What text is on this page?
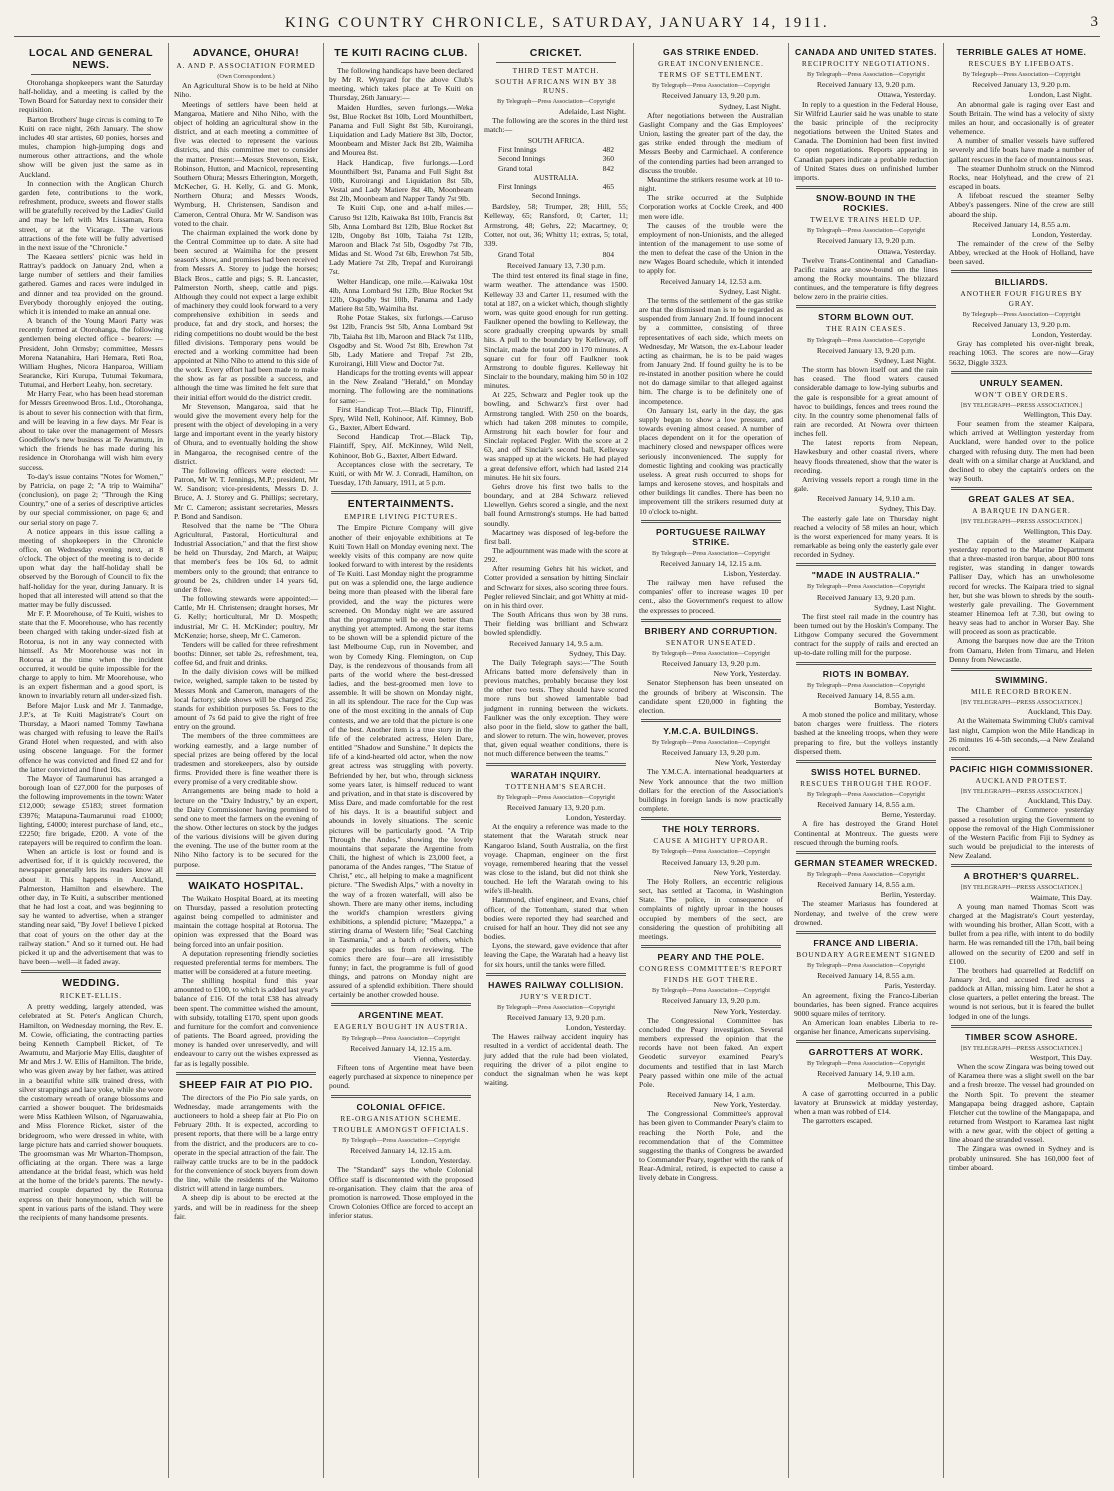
KING COUNTRY CHRONICLE, SATURDAY, JANUARY 14, 1911.	3
LOCAL AND GENERAL NEWS.

Otorohanga shopkeepers want the Saturday half-holiday, and a meeting is called by the Town Board for Saturday next to consider their requisition.

Barton Brothers' huge circus is coming to Te Kuiti on race night, 26th January. The show includes 40 star artistes, 60 ponies, horses and mules, champion high-jumping dogs and numerous other attractions, and the whole show will be given just the same as in Auckland.

In connection with the Anglican Church garden fete, contributions to the work, refreshment, produce, sweets and flower stalls will be gratefully received by the Ladies' Guild and may be left with Mrs Lissaman, Rora street, or at the Vicarage. The various attractions of the fete will be fully advertised in the next issue of the "Chronicle."

The Kaeaea settlers' picnic was held in Rattray's paddock on January 2nd, when a large number of settlers and their families gathered. Games and races were indulged in and dinner and tea provided on the ground. Everybody thoroughly enjoyed the outing, which it is intended to make an annual one.

A branch of the Young Maori Party was recently formed at Otorohanga, the following gentlemen being elected office - bearers: — President, John Ormsby; committee, Messrs Morena Natanahira, Hari Hemara, Reti Roa, William Hughes, Nicora Hanparoa, William Searancke, Kiri Kurupa, Tutumai Tekumara, Tutumai, and Herbert Leahy, hon. secretary.

Mr Harry Fear, who has been head storeman for Messrs Greenwood Bros. Ltd., Otorohanga, is about to sever his connection with that firm, and will be leaving in a few days. Mr Fear is about to take over the management of Messrs Goodfellow's new business at Te Awamutu, in which the friends he has made during his residence in Otorohanga will wish him every success.

To-day's issue contains "Notes for Women," by Patricia, on page 2; "A trip to Waimiha" (conclusion), on page 2; "Through the King Country," one of a series of descriptive articles by our special commissioner, on page 6; and our serial story on page 7.

A notice appears in this issue calling a meeting of shopkeepers in the Chronicle office, on Wednesday evening next, at 8 o'clock. The object of the meeting is to decide upon what day the half-holiday shall be observed by the Borough of Council to fix the half-holiday for the year, during January. It is hoped that all interested will attend so that the matter may be fully discussed.

Mr F. P. Moorehouse, of Te Kuiti, wishes to state that the F. Moorehouse, who has recently been charged with taking under-sized fish at Rotorua, is not in any way connected with himself. As Mr Moorehouse was not in Rotorua at the time when the incident occurred, it would be quite impossible for the charge to apply to him. Mr Moorehouse, who is an expert fisherman and a good sport, is known to invariably return all under-sized fish.

Before Major Lusk and Mr J. Tanmadge, J.P.'s, at Te Kuiti Magistrate's Court on Thursday, a Maori named Tommy Tawhana was charged with refusing to leave the Rail's Grand Hotel when requested, and with also using obscene language. For the former offence he was convicted and fined £2 and for the latter convicted and fined 10s.

The Mayor of Taumarunui has arranged a borough loan of £27,000 for the purposes of the following improvements in the town: Water £12,000; sewage £5183; street formation £3976; Matapuna-Taumarunui road £1000; lighting, £4000; interest purchase of land, etc., £2250; fire brigade, £200. A vote of the ratepayers will be required to confirm the loan.

When an article is lost or found and is advertised for, if it is quickly recovered, the newspaper generally lets its readers know all about it. This happens in Auckland, Palmerston, Hamilton and elsewhere. The other day, in Te Kuiti, a subscriber mentioned that he had lost a coat, and was beginning to say he wanted to advertise, when a stranger standing near said, "By Jove! I believe I picked that coat of yours on the other day at the railway station." And so it turned out. He had picked it up and the advertisement that was to have been—well—it faded away.

WEDDING.
RICKET-ELLIS.

A pretty wedding, largely attended, was celebrated at St. Peter's Anglican Church, Hamilton, on Wednesday morning, the Rev. E. M. Cowie, officiating, the contracting parties being Kenneth Campbell Ricket, of Te Awamutu, and Marjorie May Ellis, daughter of Mr and Mrs J. W. Ellis of Hamilton. The bride, who was given away by her father, was attired in a beautiful white silk trained dress, with silver strappings and lace yoke, while she wore the customary wreath of orange blossoms and carried a shower bouquet. The bridesmaids were Miss Kathleen Wilson, of Ngaruawahia, and Miss Florence Ricket, sister of the bridegroom, who were dressed in white, with large picture hats and carried shower bouquets. The groomsman was Mr Wharton-Thompson, officiating at the organ. There was a large attendance at the bridal feast, which was held at the home of the bride's parents. The newly-married couple departed by the Rotorua express on their honeymoon, which will be spent in various parts of the island. They were the recipients of many handsome presents.

ADVANCE, OHURA!
A. AND P. ASSOCIATION FORMED
(Own Correspondent.)

An Agricultural Show is to be held at Niho Niho.

Meetings of settlers have been held at Mangaroa, Matiere and Niho Niho, with the object of holding an agricultural show in the district, and at each meeting a committee of five was elected to represent the various districts, and this committee met to consider the matter. Present:—Messrs Stevenson, Eisk, Robinson, Hutton, and Macnicol, representing Southern Ohura; Messrs Etherington, Morgeth, McKecher, G. H. Kelly, G. and G. Monk, Northern Ohura; and Messrs Woods, Wymburg, H. Christensen, Sandison and Cameron, Central Ohura. Mr W. Sandison was voted to the chair.

The chairman explained the work done by the Central Committee up to date. A site had been secured at Waimiha for the present season's show, and promises had been received from Messrs A. Storey to judge the horses; Black Bros., cattle and pigs; S. R. Lancaster, Palmerston North, sheep, cattle and pigs. Although they could not expect a large exhibit of machinery they could look forward to a very comprehensive exhibition in seeds and produce, fat and dry stock, and horses; the riding competitions no doubt would be the best filled divisions. Temporary pens would be erected and a working committee had been appointed at Niho Niho to attend to this side of the work. Every effort had been made to make the show as far as possible a success, and although the time was limited he felt sure that their initial effort would do the district credit.

Mr Stevenson, Mangaroa, said that he would give the movement every help for the present with the object of developing in a very large and important event in the yearly history of Ohura, and to eventually holding the show in Mangaroa, the recognised centre of the district.

The following officers were elected: —Patron, Mr W. T. Jennings, M.P.; president, Mr W. Sandison; vice-presidents, Messrs D. J. Bruce, A. J. Storey and G. Phillips; secretary, Mr C. Cameron; assistant secretaries, Messrs P. Bond and Sandison.

Resolved that the name be "The Ohura Agricultural, Pastoral, Horticultural and Industrial Association," and that the first show be held on Thursday, 2nd March, at Waipu; that member's fees be 10s 6d, to admit members only to the ground; that entrance to ground be 2s, children under 14 years 6d, under 8 free.

The following stewards were appointed:—Cattle, Mr H. Christensen; draught horses, Mr G. Kelly; horticultural, Mr D. Mospeth; industrial, Mr C. H. McKinder; poultry, Mr McKenzie; horse, sheep, Mr C. Cameron.

Tenders will be called for three refreshment booths: Dinner, set table 2s, refreshment, tea, coffee 6d, and fruit and drinks.

In the daily division cows will be milked twice, weighed, sample taken to be tested by Messrs Monk and Cameron, managers of the local factory; side shows will be charged 25s; stands for exhibition purposes 5s. Fees to the amount of 7s 6d paid to give the right of free entry on the ground.

The members of the three committees are working earnestly, and a large number of special prizes are being offered by the local tradesmen and storekeepers, also by outside firms. Provided there is fine weather there is every promise of a very creditable show.

Arrangements are being made to hold a lecture on the "Dairy Industry," by an expert, the Dairy Commissioner having promised to send one to meet the farmers on the evening of the show. Other lectures on stock by the judges of the various divisions will be given during the evening. The use of the butter room at the Niho Niho factory is to be secured for the purpose.

WAIKATO HOSPITAL.

The Waikato Hospital Board, at its meeting on Thursday, passed a resolution protecting against being compelled to administer and maintain the cottage hospital at Rotorua. The opinion was expressed that the Board was being forced into an unfair position.

A deputation representing friendly societies requested preferential terms for members. The matter will be considered at a future meeting.

The shilling hospital fund this year amounted to £100, to which is added last year's balance of £16. Of the total £38 has already been spent. The committee wished the amount, with subsidy, totalling £170, spent upon goods and furniture for the comfort and convenience of patients. The Board agreed, providing the money is handed over unreservedly, and will endeavour to carry out the wishes expressed as far as is legally possible.

SHEEP FAIR AT PIO PIO.

The directors of the Pio Pio sale yards, on Wednesday, made arrangements with the auctioneers to hold a sheep fair at Pio Pio on February 20th. It is expected, according to present reports, that there will be a large entry from the district, and the producers are to co-operate in the special attraction of the fair. The railway cattle trucks are to be in the paddock for the convenience of stock buyers from down the line, while the residents of the Waitomo district will attend in large numbers.

A sheep dip is about to be erected at the yards, and will be in readiness for the sheep fair.

TE KUITI RACING CLUB.

The following handicaps have been declared by Mr R. Wynyard for the above Club's meeting, which takes place at Te Kuiti on Thursday, 26th January:—

Maiden Hurdles, seven furlongs.—Weka 9st, Blue Rocket 8st 10lb, Lord Mounthilbert, Panama and Full Sight 8st 5lb, Kuroirangi, Liquidation and Lady Matiere 8st 3lb, Doctor, Moonbeam and Mister Jack 8st 2lb, Waimiha and Mourea 8st.

Hack Handicap, five furlongs.—Lord Mounthilbert 9st, Panama and Full Sight 8st 10lb, Kuroirangi and Liquidation 8st 5lb, Vestal and Lady Matiere 8st 4lb, Moonbeam 8st 2lb, Moonbeam and Napper Tandy 7st 9lb.

Te Kuiti Cup, one and a-half miles.—Caruso 9st 12lb, Kaiwaka 8st 10lb, Francis 8st 5lb, Anna Lombard 8st 12lb, Blue Rocket 8st 12lb, Ongoby 8st 10lb, Taiaha 7st 12lb, Maroon and Black 7st 5lb, Osgodby 7st 7lb, Midas and St. Wood 7st 6lb, Erewhon 7st 5lb, Lady Matiere 7st 2lb, Trepaf and Kuroirangi 7st.

Welter Handicap, one mile.—Kaiwaka 10st 4lb, Anna Lombard 9st 12lb, Blue Rocket 9st 12lb, Osgodby 9st 10lb, Panama and Lady Matiere 8st 5lb, Waimiha 8st.

Rohe Potae Stakes, six furlongs.—Caruso 9st 12lb, Francis 9st 5lb, Anna Lombard 9st 7lb, Taiaha 8st 1lb, Maroon and Black 7st 11lb, Osgodby and St. Wood 7st 8lb, Erewhon 7st 5lb, Lady Matiere and Trepaf 7st 2lb, Kuroirangi, Hill View and Doctor 7st.

Handicaps for the trotting events will appear in the New Zealand "Herald," on Monday morning. The following are the nominations for same:—

First Handicap Trot.—Black Tip, Flintriff, Spry, Wild Nell, Kohinoor, Alf. Kimney, Bob G., Baxter, Albert Edward.

Second Handicap Trot.—Black Tip, Flaintiff, Spry, Alf. McKinney, Wild Nell, Kohinoor, Bob G., Baxter, Albert Edward.

Acceptances close with the secretary, Te Kuiti, or with Mr W. J. Conradi, Hamilton, on Tuesday, 17th January, 1911, at 5 p.m.

ENTERTAINMENTS.
EMPIRE LIVING PICTURES.

The Empire Picture Company will give another of their enjoyable exhibitions at Te Kuiti Town Hall on Monday evening next. The weekly visits of this company are now quite looked forward to with interest by the residents of Te Kuiti. Last Monday night the programme put on was a splendid one, the large audience being more than pleased with the liberal fare provided, and the way the pictures were screened. On Monday night we are assured that the programme will be even better than anything yet attempted. Among the star items to be shown will be a splendid picture of the last Melbourne Cup, run in November, and won by Comedy King. Flemington, on Cup Day, is the rendezvous of thousands from all parts of the world where the best-dressed ladies, and the best-groomed men love to assemble. It will be shown on Monday night, in all its splendour. The race for the Cup was one of the most exciting in the annals of Cup contests, and we are told that the picture is one of the best. Another item is a true story in the life of the celebrated actress, Helen Dare, entitled "Shadow and Sunshine." It depicts the life of a kind-hearted old actor, when the now great actress was struggling with poverty. Befriended by her, but who, through sickness some years later, is himself reduced to want and privation, and in that state is discovered by Miss Dare, and made comfortable for the rest of his days. It is a beautiful subject and abounds in lovely situations. The scenic pictures will be particularly good. "A Trip Through the Andes," showing the lovely mountains that separate the Argentine from Chili, the highest of which is 23,000 feet, a panorama of the Andes ranges, "The Statue of Christ," etc., all helping to make a magnificent picture. "The Swedish Alps," with a novelty in the way of a frozen waterfall, will also be shown. There are many other items, including the world's champion wrestlers giving exhibitions, a splendid picture; "Mazeppa," a stirring drama of Western life; "Seal Catching in Tasmania," and a batch of others, which space precludes us from reviewing. The comics there are four—are all irresistibly funny; in fact, the programme is full of good things, and patrons on Monday night are assured of a splendid exhibition. There should certainly be another crowded house.

ARGENTINE MEAT.
EAGERLY BOUGHT IN AUSTRIA.
By Telegraph—Press Association—Copyright
Received January 14, 12.15 a.m.
Vienna, Yesterday.

Fifteen tons of Argentine meat have been eagerly purchased at sixpence to ninepence per pound.

COLONIAL OFFICE.
RE-ORGANISATION SCHEME.
TROUBLE AMONGST OFFICIALS.
By Telegraph—Press Association—Copyright
Received January 14, 12.15 a.m.
London, Yesterday.

The "Standard" says the whole Colonial Office staff is discontented with the proposed re-organisation. They claim that the area of promotion is narrowed. Those employed in the Crown Colonies Office are forced to accept an inferior status.

CRICKET.
THIRD TEST MATCH.
SOUTH AFRICANS WIN BY 38 RUNS.
By Telegraph—Press Association—Copyright
Adelaide, Last Night.

The following are the scores in the third test match:—

SOUTH AFRICA.
First Innings	482
Second Innings	360
Grand total	842
AUSTRALIA.
First Innings	465
Second Innings.

Bardsley, 58; Trumper, 28; Hill, 55; Kelleway, 65; Ransford, 0; Carter, 11; Armstrong, 48; Gehrs, 22; Macartney, 0; Cotter, not out, 36; Whitty 11; extras, 5; total, 339.

Grand Total	804
Received January 13, 7.30 p.m.

The third test entered its final stage in fine, warm weather. The attendance was 1500. Kelleway 33 and Carter 11, resumed with the total at 187, on a wicket which, though slightly worn, was quite good enough for run getting. Faulkner opened the bowling to Kelleway, the score gradually creeping upwards by small hits. A pull to the boundary by Kelleway, off Sinclair, made the total 200 in 170 minutes. A square cut for four off Faulkner took Armstrong to double figures. Kelleway hit Sinclair to the boundary, making him 50 in 102 minutes.

At 225, Schwarz and Pegler took up the bowling, and Schwarz's first over had Armstrong tangled. With 250 on the boards, which had taken 208 minutes to compile, Armstrong hit each bowler for four and Sinclair replaced Pegler. With the score at 2 63, and off Sinclair's second ball, Kelleway was snapped up at the wickets. He had played a great defensive effort, which had lasted 214 minutes. He hit six fours.

Gehrs drove his first two balls to the boundary, and at 284 Schwarz relieved Llewellyn. Gehrs scored a single, and the next ball found Armstrong's stumps. He had batted soundly.

Macartney was disposed of leg-before the first ball.

The adjournment was made with the score at 292.

After resuming Gehrs hit his wicket, and Cotter provided a sensation by hitting Sinclair and Schwarz for sixes, also scoring three fours. Pegler relieved Sinclair, and got Whitty at mid-on in his third over.

The South Africans thus won by 38 runs. Their fielding was brilliant and Schwarz bowled splendidly.

Received January 14, 9.5 a.m.
Sydney, This Day.

The Daily Telegraph says:—"The South Africans batted more defensively than in previous matches, probably because they lost the other two tests. They should have scored more runs but showed lamentable bad judgment in running between the wickets. Faulkner was the only exception. They were also poor in the field, slow to gather the ball, and slower to return. The win, however, proves that, given equal weather conditions, there is not much difference between the teams."

WARATAH INQUIRY.
TOTTENHAM'S SEARCH.
By Telegraph—Press Association—Copyright
Received January 13, 9.20 p.m.
London, Yesterday.

At the enquiry a reference was made to the statement that the Waratah struck near Kangaroo Island, South Australia, on the first voyage. Chapman, engineer on the first voyage, remembered hearing that the vessel was close to the island, but did not think she touched. He left the Waratah owing to his wife's ill-health.

Hammond, chief engineer, and Evans, chief officer, of the Tottenham, stated that when bodies were reported they had searched and cruised for half an hour. They did not see any bodies.

Lyons, the steward, gave evidence that after leaving the Cape, the Waratah had a heavy list for six hours, until the tanks were filled.

HAWES RAILWAY COLLISION.
JURY'S VERDICT.
By Telegraph—Press Association—Copyright
Received January 13, 9.20 p.m.
London, Yesterday.

The Hawes railway accident inquiry has resulted in a verdict of accidental death. The jury added that the rule had been violated, requiring the driver of a pilot engine to conduct the signalman when he was kept waiting.

GAS STRIKE ENDED.
GREAT INCONVENIENCE.
TERMS OF SETTLEMENT.
By Telegraph—Press Association—Copyright
Received January 13, 9.20 p.m.
Sydney, Last Night.

After negotiations between the Australian Gaslight Company and the Gas Employees' Union, lasting the greater part of the day, the gas strike ended through the medium of Messrs Beeby and Carmichael. A conference of the contending parties had been arranged to discuss the trouble.

Meantime the strikers resume work at 10 to-night.

The strike occurred at the Sulphide Corporation works at Cockle Creek, and 400 men were idle.

The causes of the trouble were the employment of non-Unionists, and the alleged intention of the management to use some of the men to defeat the case of the Union in the new Wages Board schedule, which it intended to apply for.

Received January 14, 12.53 a.m.
Sydney, Last Night.

The terms of the settlement of the gas strike are that the dismissed man is to be regarded as suspended from January 2nd. If found innocent by a committee, consisting of three representatives of each side, which meets on Wednesday, Mr Watson, the ex-Labour leader acting as chairman, he is to be paid wages from January 2nd. If found guilty he is to be re-instated in another position where he could not do damage similar to that alleged against him. The charge is to be definitely one of incompetence.

On January 1st, early in the day, the gas supply began to show a low pressure, and towards evening almost ceased. A number of places dependent on it for the operation of machinery closed and newspaper offices were seriously inconvenienced. The supply for domestic lighting and cooking was practically useless. A great rush occurred to shops for lamps and kerosene stoves, and hospitals and other buildings lit candles. There has been no improvement till the strikers resumed duty at 10 o'clock to-night.

PORTUGUESE RAILWAY STRIKE.
By Telegraph—Press Association—Copyright
Received January 14, 12.15 a.m.
Lisbon, Yesterday.

The railway men have refused the companies' offer to increase wages 10 per cent., also the Government's request to allow the expresses to proceed.

BRIBERY AND CORRUPTION.
SENATOR UNSEATED.
By Telegraph—Press Association—Copyright
Received January 13, 9.20 p.m.
New York, Yesterday.

Senator Stephenson has been unseated on the grounds of bribery at Wisconsin. The candidate spent £20,000 in fighting the election.

Y.M.C.A. BUILDINGS.
By Telegraph—Press Association—Copyright
Received January 13, 9.20 p.m.
New York, Yesterday

The Y.M.C.A. international headquarters at New York announce that the two million dollars for the erection of the Association's buildings in foreign lands is now practically complete.

THE HOLY TERRORS.
CAUSE A MIGHTY UPROAR.
By Telegraph—Press Association—Copyright
Received January 13, 9.20 p.m.
New York, Yesterday.

The Holy Rollers, an eccentric religious sect, has settled at Tacoma, in Washington State. The police, in consequence of complaints of nightly uproar in the houses occupied by members of the sect, are considering the question of prohibiting all meetings.

PEARY AND THE POLE.
CONGRESS COMMITTEE'S REPORT
FINDS HE GOT THERE.
By Telegraph—Press Association—Copyright
Received January 13, 9.20 p.m.
New York, Yesterday.

The Congressional Committee has concluded the Peary investigation. Several members expressed the opinion that the records have not been faked. An expert Geodetic surveyor examined Peary's documents and testified that in last March Peary passed within one mile of the actual Pole.

Received January 14, 1 a.m.
New York, Yesterday.

The Congressional Committee's approval has been given to Commander Peary's claim to reaching the North Pole, and the recommendation that of the Committee suggesting the thanks of Congress be awarded to Commander Peary, together with the rank of Rear-Admiral, retired, is expected to cause a lively debate in Congress.

CANADA AND UNITED STATES.
RECIPROCITY NEGOTIATIONS.
By Telegraph—Press Association—Copyright
Received January 13, 9.20 p.m.
Ottawa, Yesterday.

In reply to a question in the Federal House, Sir Wilfrid Laurier said he was unable to state the basic principle of the reciprocity negotiations between the United States and Canada. The Dominion had been first invited to open negotiations. Reports appearing in Canadian papers indicate a probable reduction of United States dues on unfinished lumber imports.

SNOW-BOUND IN THE ROCKIES.
TWELVE TRAINS HELD UP.
By Telegraph—Press Association—Copyright
Received January 13, 9.20 p.m.
Ottawa, Yesterday.

Twelve Trans-Continental and Canadian-Pacific trains are snow-bound on the lines among the Rocky mountains. The blizzard continues, and the temperature is fifty degrees below zero in the prairie cities.

STORM BLOWN OUT.
THE RAIN CEASES.
By Telegraph—Press Association—Copyright
Received January 13, 9.20 p.m.
Sydney, Last Night.

The storm has blown itself out and the rain has ceased. The flood waters caused considerable damage to low-lying suburbs and the gale is responsible for a great amount of havoc to buildings, fences and trees round the city. In the country some phenomenal falls of rain are recorded. At Nowra over thirteen inches fell.

The latest reports from Nepean, Hawkesbury and other coastal rivers, where heavy floods threatened, show that the water is receding.

Arriving vessels report a rough time in the gale.

Received January 14, 9.10 a.m.
Sydney, This Day.

The easterly gale late on Thursday night reached a velocity of 58 miles an hour, which is the worst experienced for many years. It is remarkable as being only the easterly gale ever recorded in Sydney.

"MADE IN AUSTRALIA."
By Telegraph—Press Association—Copyright
Received January 13, 9.20 p.m.
Sydney, Last Night.

The first steel rail made in the country has been turned out by the Hoskin's Company. The Lithgow Company secured the Government contract for the supply of rails and erected an up-to-date rolling mill for the purpose.

RIOTS IN BOMBAY.
By Telegraph—Press Association—Copyright
Received January 14, 8.55 a.m.
Bombay, Yesterday.

A mob stoned the police and military, whose baton charges were fruitless. The rioters bashed at the kneeling troops, when they were preparing to fire, but the volleys instantly dispersed them.

SWISS HOTEL BURNED.
RESCUES THROUGH THE ROOF.
By Telegraph—Press Association—Copyright
Received January 14, 8.55 a.m.
Berne, Yesterday.

A fire has destroyed the Grand Hotel Continental at Montreux. The guests were rescued through the burning roofs.

GERMAN STEAMER WRECKED.
By Telegraph—Press Association—Copyright
Received January 14, 8.55 a.m.
Berlin, Yesterday.

The steamer Mariasus has foundered at Nordenay, and twelve of the crew were drowned.

FRANCE AND LIBERIA.
BOUNDARY AGREEMENT SIGNED
By Telegraph—Press Association—Copyright
Received January 14, 8.55 a.m.
Paris, Yesterday.

An agreement, fixing the Franco-Liberian boundaries, has been signed. France acquires 9000 square miles of territory.

An American loan enables Liberia to re-organise her finance, Americans supervising.

GARROTTERS AT WORK.
By Telegraph—Press Association—Copyright
Received January 14, 9.10 a.m.
Melbourne, This Day.

A case of garrotting occurred in a public lavatory at Brunswick at midday yesterday, when a man was robbed of £14.

The garrotters escaped.

TERRIBLE GALES AT HOME.
RESCUES BY LIFEBOATS.
By Telegraph—Press Association—Copyright
Received January 13, 9.20 p.m.
London, Last Night.

An abnormal gale is raging over East and South Britain. The wind has a velocity of sixty miles an hour, and occasionally is of greater vehemence.

A number of smaller vessels have suffered severely and life boats have made a number of gallant rescues in the face of mountainous seas.

The steamer Dunholm struck on the Nimrod Rocks, near Holyhead, and the crew of 21 escaped in boats.

A lifeboat rescued the steamer Selby Abbey's passengers. Nine of the crew are still aboard the ship.

Received January 14, 8.55 a.m.
London, Yesterday.

The remainder of the crew of the Selby Abbey, wrecked at the Hook of Holland, have been saved.

BILLIARDS.
ANOTHER FOUR FIGURES BY GRAY.
By Telegraph—Press Association—Copyright
Received January 13, 9.20 p.m.
London, Yesterday.

Gray has completed his over-night break, reaching 1063. The scores are now—Gray 5632, Diggle 3323.

UNRULY SEAMEN.
WON'T OBEY ORDERS.
[BY TELEGRAPH—PRESS ASSOCIATION.]
Wellington, This Day.

Four seamen from the steamer Kaipara, which arrived at Wellington yesterday from Auckland, were handed over to the police charged with refusing duty. The men had been dealt with on a similar charge at Auckland, and declined to obey the captain's orders on the way South.

GREAT GALES AT SEA.
A BARQUE IN DANGER.
[BY TELEGRAPH—PRESS ASSOCIATION.]
Wellington, This Day.

The captain of the steamer Kaipara yesterday reported to the Marine Department that a three-masted iron barque, about 800 tons register, was standing in danger towards Palliser Day, which has an unwholesome record for wrecks. The Kaipara tried to signal her, but she was blown to shreds by the south-westerly gale prevailing. The Government steamer Hinemoa left at 7.30, but owing to heavy seas had to anchor in Worser Bay. She will proceed as soon as practicable.

Among the barques now due are the Triton from Oamaru, Helen from Timaru, and Helen Denny from Newcastle.

SWIMMING.
MILE RECORD BROKEN.
[BY TELEGRAPH—PRESS ASSOCIATION.]
Auckland, This Day.

At the Waitemata Swimming Club's carnival last night, Campion won the Mile Handicap in 26 minutes 16 4-5th seconds,—a New Zealand record.

PACIFIC HIGH COMMISSIONER.
AUCKLAND PROTEST.
[BY TELEGRAPH—PRESS ASSOCIATION.]
Auckland, This Day.

The Chamber of Commerce yesterday passed a resolution urging the Government to oppose the removal of the High Commissioner of the Western Pacific from Fiji to Sydney as such would be prejudicial to the interests of New Zealand.

A BROTHER'S QUARREL.
[BY TELEGRAPH—PRESS ASSOCIATION.]
Waimate, This Day.

A young man named Thomas Scott was charged at the Magistrate's Court yesterday, with wounding his brother, Allan Scott, with a bullet from a pea rifle, with intent to do bodily harm. He was remanded till the 17th, bail being allowed on the security of £200 and self in £100.

The brothers had quarrelled at Redcliff on January 3rd, and accused fired across a paddock at Allan, missing him. Later he shot a close quarters, a pellet entering the breast. The wound is not serious, but it is feared the bullet lodged in one of the lungs.

TIMBER SCOW ASHORE.
[BY TELEGRAPH—PRESS ASSOCIATION.]
Westport, This Day.

When the scow Zingara was being towed out of Karamea there was a slight swell on the bar and a fresh breeze. The vessel had grounded on the North Spit. To prevent the steamer Mangapapa being dragged ashore, Captain Fletcher cut the towline of the Mangapapa, and returned from Westport to Karamea last night with a new gear, with the object of getting a line aboard the stranded vessel.

The Zingara was owned in Sydney and is probably uninsured. She has 160,000 feet of timber aboard.
